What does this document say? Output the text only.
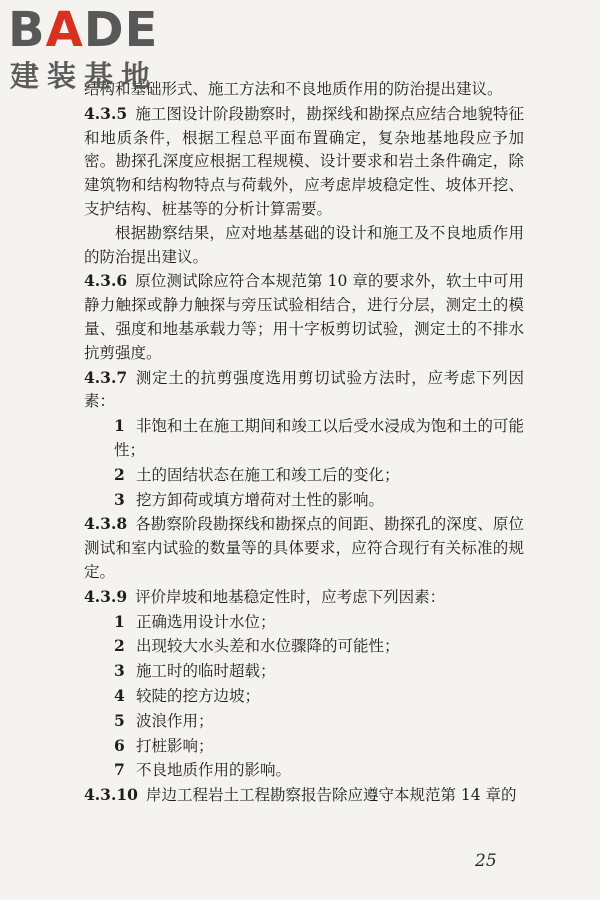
BADE
建装基地

结构和基础形式、施工方法和不良地质作用的防治提出建议。

4.3.5 施工图设计阶段勘察时，勘探线和勘探点应结合地貌特征和地质条件，根据工程总平面布置确定，复杂地基地段应予加密。勘探孔深度应根据工程规模、设计要求和岩土条件确定，除建筑物和结构物特点与荷载外，应考虑岸坡稳定性、坡体开挖、支护结构、桩基等的分析计算需要。

根据勘察结果，应对地基基础的设计和施工及不良地质作用的防治提出建议。

4.3.6 原位测试除应符合本规范第 10 章的要求外，软土中可用静力触探或静力触探与旁压试验相结合，进行分层，测定土的模量、强度和地基承载力等；用十字板剪切试验，测定土的不排水抗剪强度。

4.3.7 测定土的抗剪强度选用剪切试验方法时，应考虑下列因素：

1 非饱和土在施工期间和竣工以后受水浸成为饱和土的可能性；

2 土的固结状态在施工和竣工后的变化；

3 挖方卸荷或填方增荷对土性的影响。

4.3.8 各勘察阶段勘探线和勘探点的间距、勘探孔的深度、原位测试和室内试验的数量等的具体要求，应符合现行有关标准的规定。

4.3.9 评价岸坡和地基稳定性时，应考虑下列因素：

1 正确选用设计水位；

2 出现较大水头差和水位骤降的可能性；

3 施工时的临时超载；

4 较陡的挖方边坡；

5 波浪作用；

6 打桩影响；

7 不良地质作用的影响。

4.3.10 岸边工程岩土工程勘察报告除应遵守本规范第 14 章的

25
